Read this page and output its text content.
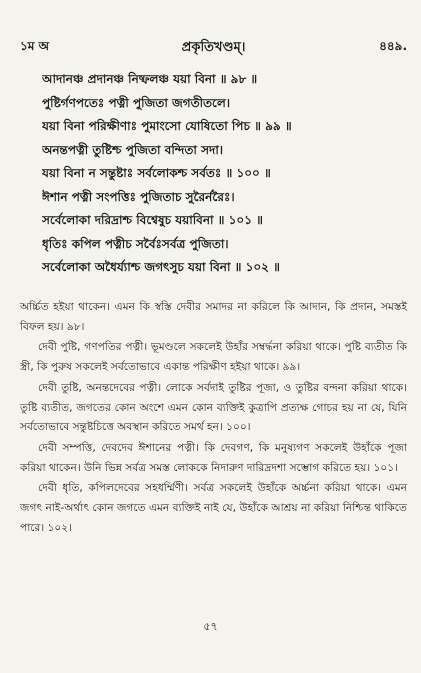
১ম অ	প্রকৃতিখণ্ডম্।	৪৪৯.
আদানঞ্চ প্রদানঞ্চ নিষ্ফলঞ্চ যয়া বিনা ॥ ৯৮ ॥
পুষ্টির্গণপতেঃ পত্নী পুজিতা জগতীতলে।
যয়া বিনা পরিক্ষীণাঃ পুমাংসো যোষিতো পিচ ॥ ৯৯ ॥
অনন্তপত্নী তুষ্টিশ্চ পুজিতা বন্দিতা সদা।
যয়া বিনা ন সন্তুষ্টাঃ সর্বলোকশ্চ সর্বতঃ ॥ ১০০ ॥
ঈশান পত্নী সংপত্তিঃ পুজিতাচ সুরৈর্নরৈঃ।
সর্বেলোকা দরিদ্রাশ্চ বিশ্বেষুচ যয়াবিনা ॥ ১০১ ॥
ধৃতিঃ কপিল পত্নীচ সর্বৈঃসর্বত্র পুজিতা।
সর্বেলোকা অধৈর্য্যাশ্চ জগৎসুচ যয়া বিনা ॥ ১০২ ॥

অর্চ্চিত হইয়া থাকেন। এমন কি স্বস্তি দেবীর সমাদর না করিলে কি আদান, কি প্রদান, সমস্তই বিফল হয়। ৯৮।

দেবী পুষ্টি, গণপতির পত্নী। ভূমণ্ডলে সকলেই উহাঁর সম্বর্দ্ধনা করিয়া থাকে। পুষ্টি ব্যতীত কি স্ত্রী, কি পুরুষ সকলেই সর্বতোভাবে একান্ত পরিক্ষীণ হইয়া থাকে। ৯৯।

দেবী তুষ্টি, অনন্তদেবের পত্নী। লোকে সর্বদাই তুষ্টির পূজা, ও তুষ্টির বন্দনা করিয়া থাকে। তুষ্টি ব্যতীত, জগতের কোন অংশে এমন কোন ব্যক্তিই কুত্রাপি প্রত্যক্ষ গোচর হয় না যে, যিনি সর্বতোভাবে সন্তুষ্টচিত্তে অবস্থান করিতে সমর্থ হন। ১০০।

দেবী সম্পত্তি, দেবদেব ঈশানের পত্নী। কি দেবগণ, কি মনুষ্যগণ সকলেই উহাঁকে পূজা করিয়া থাকেন। উনি ভিন্ন সর্বত্র সমস্ত লোককে নিদারুণ দারিদ্রদশা সম্ভোগ করিতে হয়। ১০১।

দেবী ধৃতি, কপিলদেবের সহধর্ম্মিণী। সর্বত্র সকলেই উহাঁকে অর্চ্চনা করিয়া থাকে। এমন জগৎ নাই-অর্থাৎ কোন জগতে এমন ব্যক্তিই নাই যে, উহাঁকে আশ্রয় না করিয়া নিশ্চিন্ত থাকিতে পারে। ১০২।

৫৭
